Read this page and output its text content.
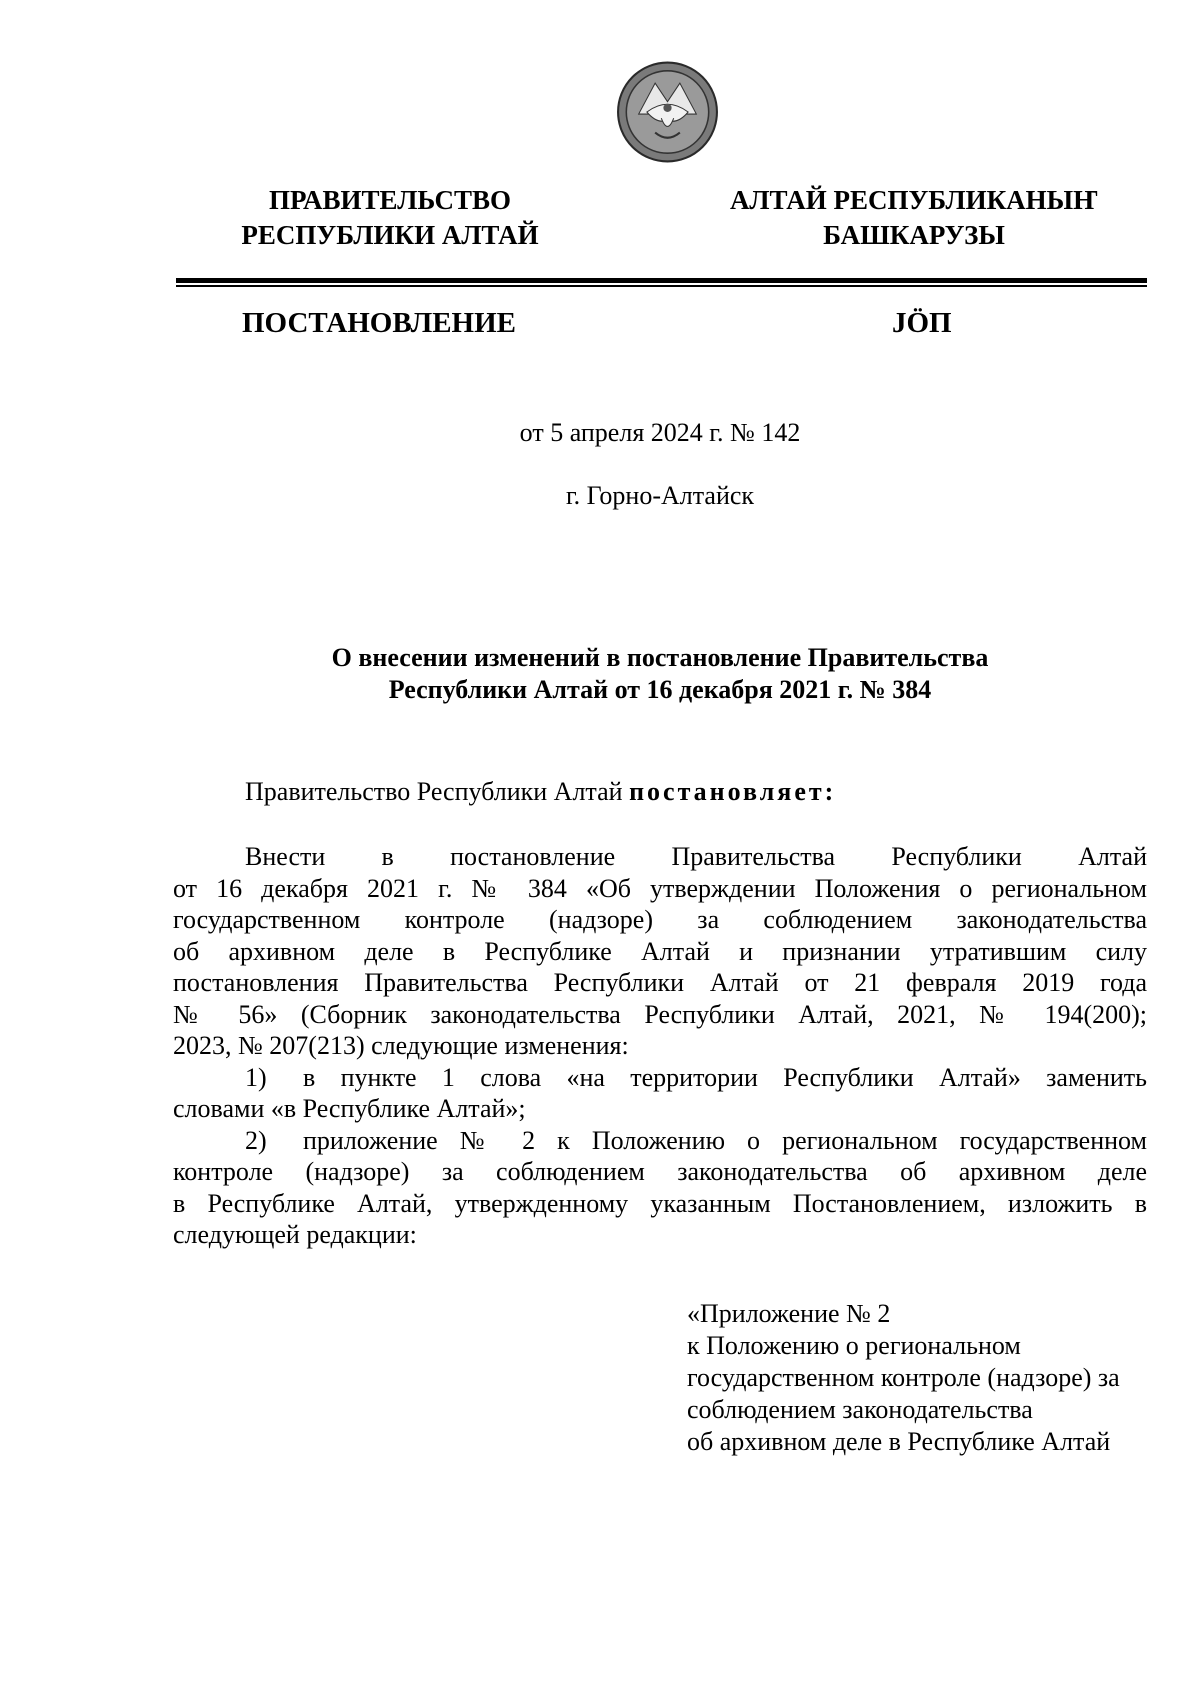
ПРАВИТЕЛЬСТВО
РЕСПУБЛИКИ АЛТАЙ
АЛТАЙ РЕСПУБЛИКАНЫҤ
БАШКАРУЗЫ
ПОСТАНОВЛЕНИЕ	JÖП
от 5 апреля 2024 г. № 142
г. Горно-Алтайск
О внесении изменений в постановление Правительства
Республики Алтай от 16 декабря 2021 г. № 384
Правительство Республики Алтай постановляет:
Внести в постановление Правительства Республики Алтай
от 16 декабря 2021 г. № 384 «Об утверждении Положения о региональном
государственном контроле (надзоре) за соблюдением законодательства
об архивном деле в Республике Алтай и признании утратившим силу
постановления Правительства Республики Алтай от 21 февраля 2019 года
№ 56» (Сборник законодательства Республики Алтай, 2021, № 194(200);
2023, № 207(213) следующие изменения:
1)	в пункте 1 слова «на территории Республики Алтай» заменить
словами «в Республике Алтай»;
2)	приложение № 2 к Положению о региональном государственном
контроле (надзоре) за соблюдением законодательства об архивном деле
в Республике Алтай, утвержденному указанным Постановлением, изложить в
следующей редакции:
«Приложение № 2
к Положению о региональном
государственном контроле (надзоре) за
соблюдением законодательства
об архивном деле в Республике Алтай
